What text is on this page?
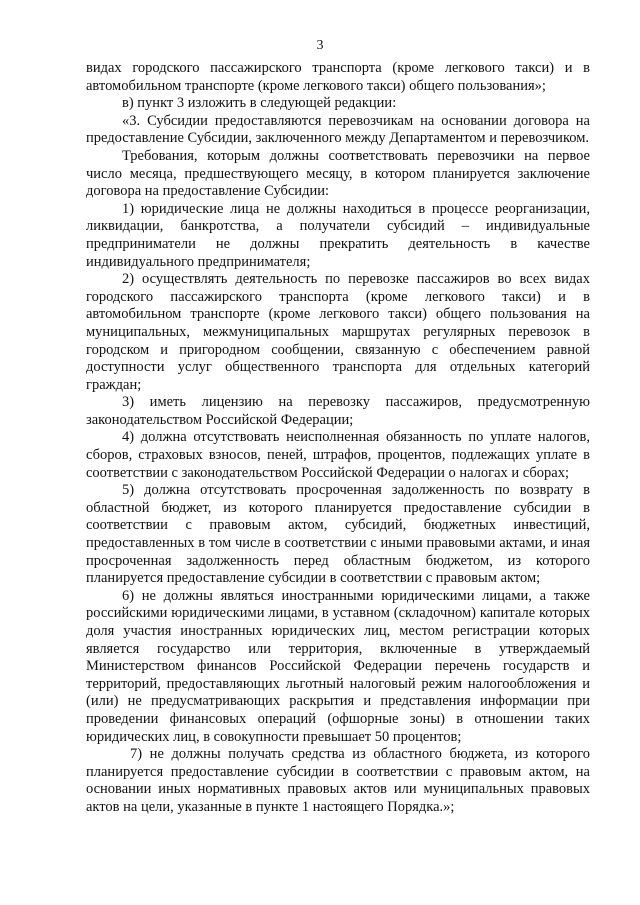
3

видах городского пассажирского транспорта (кроме легкового такси) и в автомобильном транспорте (кроме легкового такси) общего пользования»;

в) пункт 3 изложить в следующей редакции:

«3. Субсидии предоставляются перевозчикам на основании договора на предоставление Субсидии, заключенного между Департаментом и перевозчиком.

Требования, которым должны соответствовать перевозчики на первое число месяца, предшествующего месяцу, в котором планируется заключение договора на предоставление Субсидии:

1) юридические лица не должны находиться в процессе реорганизации, ликвидации, банкротства, а получатели субсидий – индивидуальные предприниматели не должны прекратить деятельность в качестве индивидуального предпринимателя;

2) осуществлять деятельность по перевозке пассажиров во всех видах городского пассажирского транспорта (кроме легкового такси) и в автомобильном транспорте (кроме легкового такси) общего пользования на муниципальных, межмуниципальных маршрутах регулярных перевозок в городском и пригородном сообщении, связанную с обеспечением равной доступности услуг общественного транспорта для отдельных категорий граждан;

3) иметь лицензию на перевозку пассажиров, предусмотренную законодательством Российской Федерации;

4) должна отсутствовать неисполненная обязанность по уплате налогов, сборов, страховых взносов, пеней, штрафов, процентов, подлежащих уплате в соответствии с законодательством Российской Федерации о налогах и сборах;

5) должна отсутствовать просроченная задолженность по возврату в областной бюджет, из которого планируется предоставление субсидии в соответствии с правовым актом, субсидий, бюджетных инвестиций, предоставленных в том числе в соответствии с иными правовыми актами, и иная просроченная задолженность перед областным бюджетом, из которого планируется предоставление субсидии в соответствии с правовым актом;

6) не должны являться иностранными юридическими лицами, а также российскими юридическими лицами, в уставном (складочном) капитале которых доля участия иностранных юридических лиц, местом регистрации которых является государство или территория, включенные в утверждаемый Министерством финансов Российской Федерации перечень государств и территорий, предоставляющих льготный налоговый режим налогообложения и (или) не предусматривающих раскрытия и представления информации при проведении финансовых операций (офшорные зоны) в отношении таких юридических лиц, в совокупности превышает 50 процентов;

7) не должны получать средства из областного бюджета, из которого планируется предоставление субсидии в соответствии с правовым актом, на основании иных нормативных правовых актов или муниципальных правовых актов на цели, указанные в пункте 1 настоящего Порядка.»;
